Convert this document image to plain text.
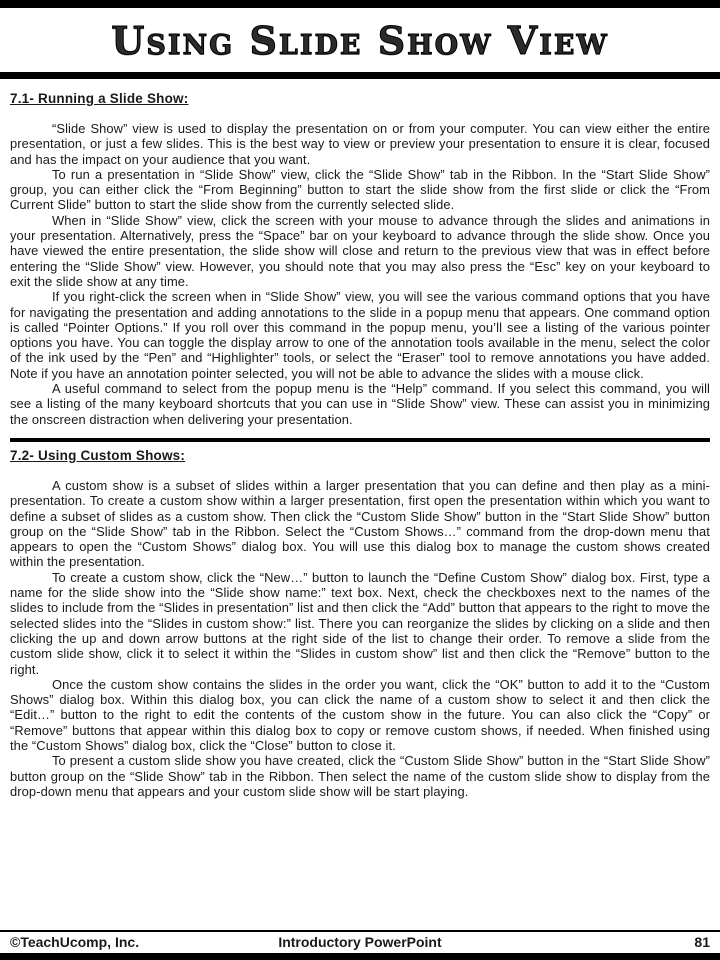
Using Slide Show View
7.1- Running a Slide Show:

“Slide Show” view is used to display the presentation on or from your computer. You can view either the entire presentation, or just a few slides. This is the best way to view or preview your presentation to ensure it is clear, focused and has the impact on your audience that you want.

To run a presentation in “Slide Show” view, click the “Slide Show” tab in the Ribbon. In the “Start Slide Show” group, you can either click the “From Beginning” button to start the slide show from the first slide or click the “From Current Slide” button to start the slide show from the currently selected slide.

When in “Slide Show” view, click the screen with your mouse to advance through the slides and animations in your presentation. Alternatively, press the “Space” bar on your keyboard to advance through the slide show. Once you have viewed the entire presentation, the slide show will close and return to the previous view that was in effect before entering the “Slide Show” view. However, you should note that you may also press the “Esc” key on your keyboard to exit the slide show at any time.

If you right-click the screen when in “Slide Show” view, you will see the various command options that you have for navigating the presentation and adding annotations to the slide in a popup menu that appears. One command option is called “Pointer Options.” If you roll over this command in the popup menu, you’ll see a listing of the various pointer options you have. You can toggle the display arrow to one of the annotation tools available in the menu, select the color of the ink used by the “Pen” and “Highlighter” tools, or select the “Eraser” tool to remove annotations you have added. Note if you have an annotation pointer selected, you will not be able to advance the slides with a mouse click.

A useful command to select from the popup menu is the “Help” command. If you select this command, you will see a listing of the many keyboard shortcuts that you can use in “Slide Show” view. These can assist you in minimizing the onscreen distraction when delivering your presentation.

7.2- Using Custom Shows:

A custom show is a subset of slides within a larger presentation that you can define and then play as a mini-presentation. To create a custom show within a larger presentation, first open the presentation within which you want to define a subset of slides as a custom show. Then click the “Custom Slide Show” button in the “Start Slide Show” button group on the “Slide Show” tab in the Ribbon. Select the “Custom Shows…” command from the drop-down menu that appears to open the “Custom Shows” dialog box. You will use this dialog box to manage the custom shows created within the presentation.

To create a custom show, click the “New…” button to launch the “Define Custom Show” dialog box. First, type a name for the slide show into the “Slide show name:” text box. Next, check the checkboxes next to the names of the slides to include from the “Slides in presentation” list and then click the “Add” button that appears to the right to move the selected slides into the “Slides in custom show:” list. There you can reorganize the slides by clicking on a slide and then clicking the up and down arrow buttons at the right side of the list to change their order. To remove a slide from the custom slide show, click it to select it within the “Slides in custom show” list and then click the “Remove” button to the right.

Once the custom show contains the slides in the order you want, click the “OK” button to add it to the “Custom Shows” dialog box. Within this dialog box, you can click the name of a custom show to select it and then click the “Edit…” button to the right to edit the contents of the custom show in the future. You can also click the “Copy” or “Remove” buttons that appear within this dialog box to copy or remove custom shows, if needed. When finished using the “Custom Shows” dialog box, click the “Close” button to close it.

To present a custom slide show you have created, click the “Custom Slide Show” button in the “Start Slide Show” button group on the “Slide Show” tab in the Ribbon. Then select the name of the custom slide show to display from the drop-down menu that appears and your custom slide show will be start playing.

©TeachUcomp, Inc.	Introductory PowerPoint	81
